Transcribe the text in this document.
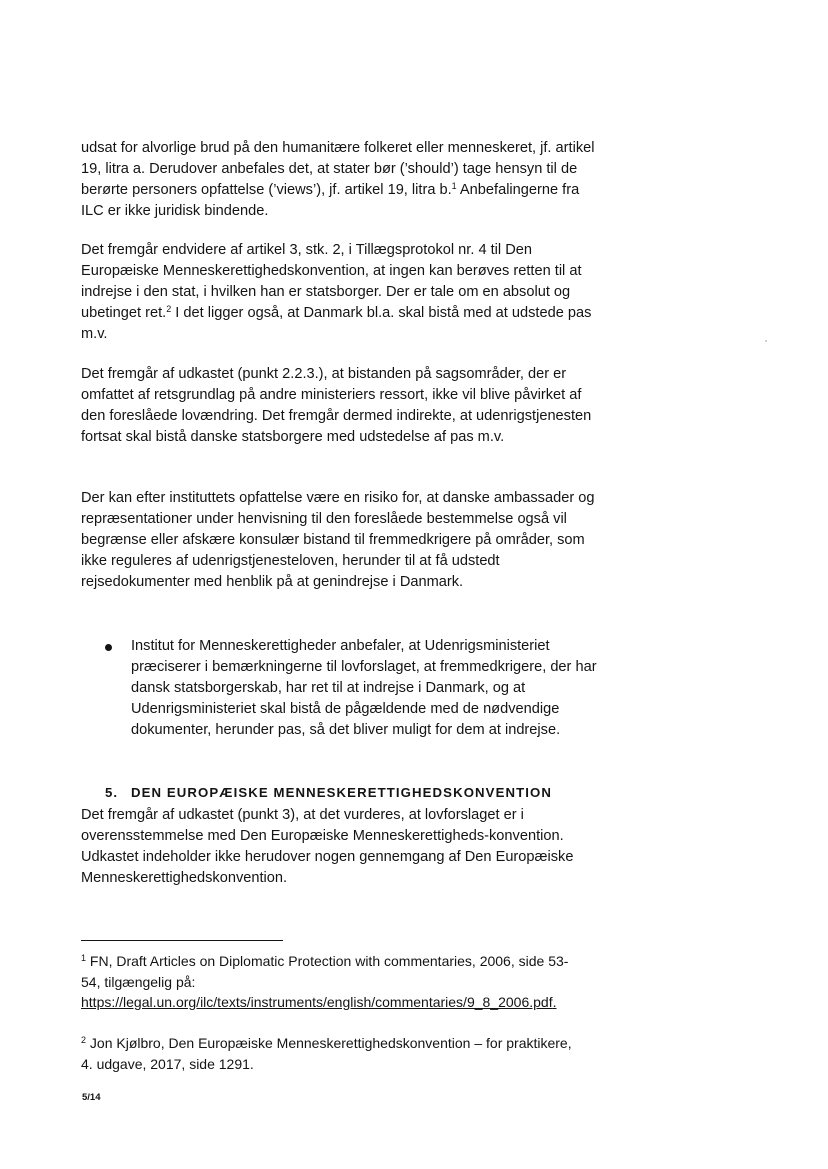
udsat for alvorlige brud på den humanitære folkeret eller menneskeret, jf. artikel 19, litra a. Derudover anbefales det, at stater bør (’should’) tage hensyn til de berørte personers opfattelse (’views’), jf. artikel 19, litra b.$^1$ Anbefalingerne fra ILC er ikke juridisk bindende.

Det fremgår endvidere af artikel 3, stk. 2, i Tillægsprotokol nr. 4 til Den Europæiske Menneskerettighedskonvention, at ingen kan berøves retten til at indrejse i den stat, i hvilken han er statsborger. Der er tale om en absolut og ubetinget ret.$^2$ I det ligger også, at Danmark bl.a. skal bistå med at udstede pas m.v.

Det fremgår af udkastet (punkt 2.2.3.), at bistanden på sagsområder, der er omfattet af retsgrundlag på andre ministeriers ressort, ikke vil blive påvirket af den foreslåede lovændring. Det fremgår dermed indirekte, at udenrigstjenesten fortsat skal bistå danske statsborgere med udstedelse af pas m.v.

Der kan efter instituttets opfattelse være en risiko for, at danske ambassader og repræsentationer under henvisning til den foreslåede bestemmelse også vil begrænse eller afskære konsulær bistand til fremmedkrigere på områder, som ikke reguleres af udenrigstjenesteloven, herunder til at få udstedt rejsedokumenter med henblik på at genindrejse i Danmark.

Institut for Menneskerettigheder anbefaler, at Udenrigsministeriet præciserer i bemærkningerne til lovforslaget, at fremmedkrigere, der har dansk statsborgerskab, har ret til at indrejse i Danmark, og at Udenrigsministeriet skal bistå de pågældende med de nødvendige dokumenter, herunder pas, så det bliver muligt for dem at indrejse.

5. DEN EUROPÆISKE MENNESKERETTIGHEDSKONVENTION

Det fremgår af udkastet (punkt 3), at det vurderes, at lovforslaget er i overensstemmelse med Den Europæiske Menneskerettigheds-konvention. Udkastet indeholder ikke herudover nogen gennemgang af Den Europæiske Menneskerettighedskonvention.

$^1$ FN, Draft Articles on Diplomatic Protection with commentaries, 2006, side 53-54, tilgængelig på:
https://legal.un.org/ilc/texts/instruments/english/commentaries/9_8_2006.pdf.

$^2$ Jon Kjølbro, Den Europæiske Menneskerettighedskonvention – for praktikere, 4. udgave, 2017, side 1291.

5/14
